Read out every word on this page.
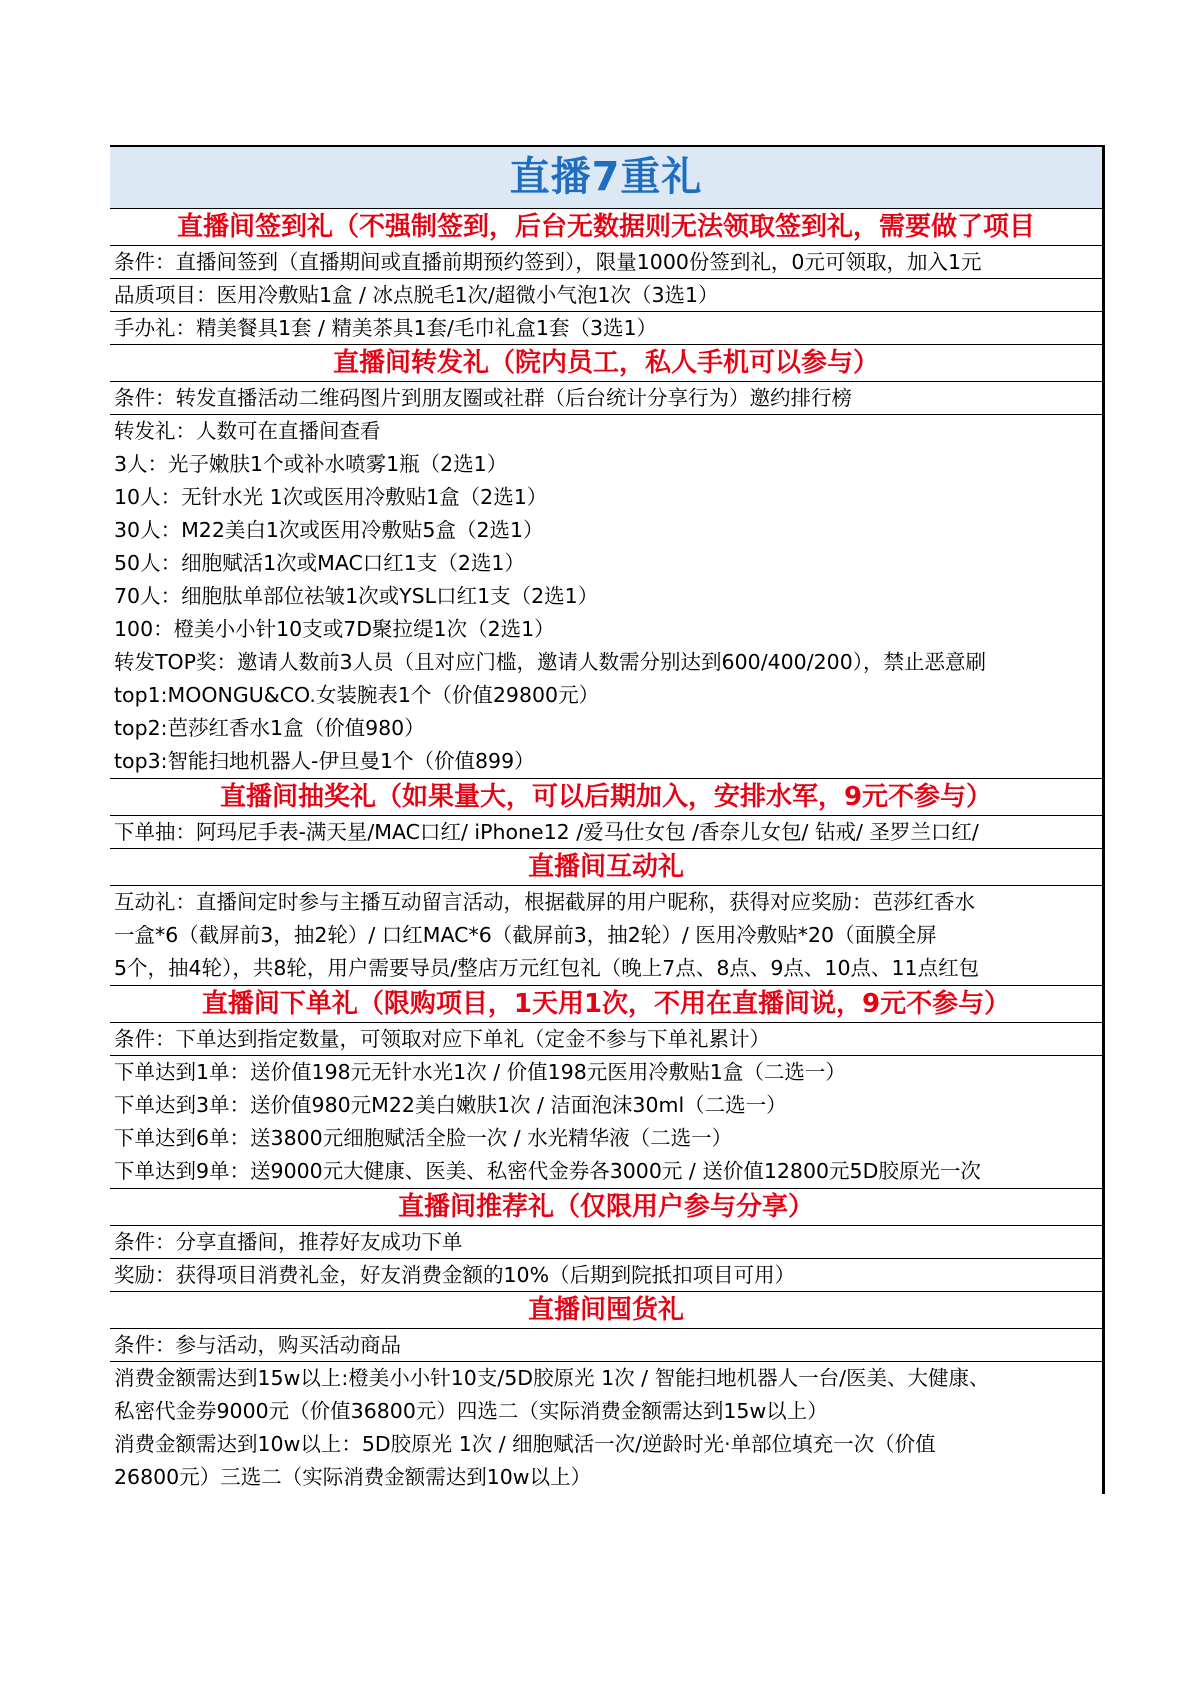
直播7重礼
直播间签到礼（不强制签到，后台无数据则无法领取签到礼，需要做了项目
条件：直播间签到（直播期间或直播前期预约签到），限量1000份签到礼，0元可领取，加入1元
品质项目：医用冷敷贴1盒 / 冰点脱毛1次/超微小气泡1次（3选1）
手办礼：精美餐具1套 / 精美茶具1套/毛巾礼盒1套（3选1）
直播间转发礼（院内员工，私人手机可以参与）
条件：转发直播活动二维码图片到朋友圈或社群（后台统计分享行为）邀约排行榜
转发礼：人数可在直播间查看
3人：光子嫩肤1个或补水喷雾1瓶（2选1）
10人：无针水光 1次或医用冷敷贴1盒（2选1）
30人：M22美白1次或医用冷敷贴5盒（2选1）
50人：细胞赋活1次或MAC口红1支（2选1）
70人：细胞肽单部位祛皱1次或YSL口红1支（2选1）
100：橙美小小针10支或7D聚拉缇1次（2选1）
转发TOP奖：邀请人数前3人员（且对应门槛，邀请人数需分别达到600/400/200），禁止恶意刷
top1:MOONGU&CO.女装腕表1个（价值29800元）
top2:芭莎红香水1盒（价值980）
top3:智能扫地机器人-伊旦曼1个（价值899）
直播间抽奖礼（如果量大，可以后期加入，安排水军，9元不参与）
下单抽：阿玛尼手表-满天星/MAC口红/ iPhone12 /爱马仕女包 /香奈儿女包/ 钻戒/ 圣罗兰口红/
直播间互动礼
互动礼：直播间定时参与主播互动留言活动，根据截屏的用户昵称，获得对应奖励：芭莎红香水
一盒*6（截屏前3，抽2轮）/ 口红MAC*6（截屏前3，抽2轮）/ 医用冷敷贴*20（面膜全屏
5个，抽4轮），共8轮，用户需要导员/整店万元红包礼（晚上7点、8点、9点、10点、11点红包
直播间下单礼（限购项目，1天用1次，不用在直播间说，9元不参与）
条件：下单达到指定数量，可领取对应下单礼（定金不参与下单礼累计）
下单达到1单：送价值198元无针水光1次 / 价值198元医用冷敷贴1盒（二选一）
下单达到3单：送价值980元M22美白嫩肤1次 / 洁面泡沫30ml（二选一）
下单达到6单：送3800元细胞赋活全脸一次 / 水光精华液（二选一）
下单达到9单：送9000元大健康、医美、私密代金券各3000元 / 送价值12800元5D胶原光一次
直播间推荐礼（仅限用户参与分享）
条件：分享直播间，推荐好友成功下单
奖励：获得项目消费礼金，好友消费金额的10%（后期到院抵扣项目可用）
直播间囤货礼
条件：参与活动，购买活动商品
消费金额需达到15w以上:橙美小小针10支/5D胶原光 1次 / 智能扫地机器人一台/医美、大健康、
私密代金券9000元（价值36800元）四选二（实际消费金额需达到15w以上）
消费金额需达到10w以上：5D胶原光 1次 / 细胞赋活一次/逆龄时光·单部位填充一次（价值
26800元）三选二（实际消费金额需达到10w以上）
